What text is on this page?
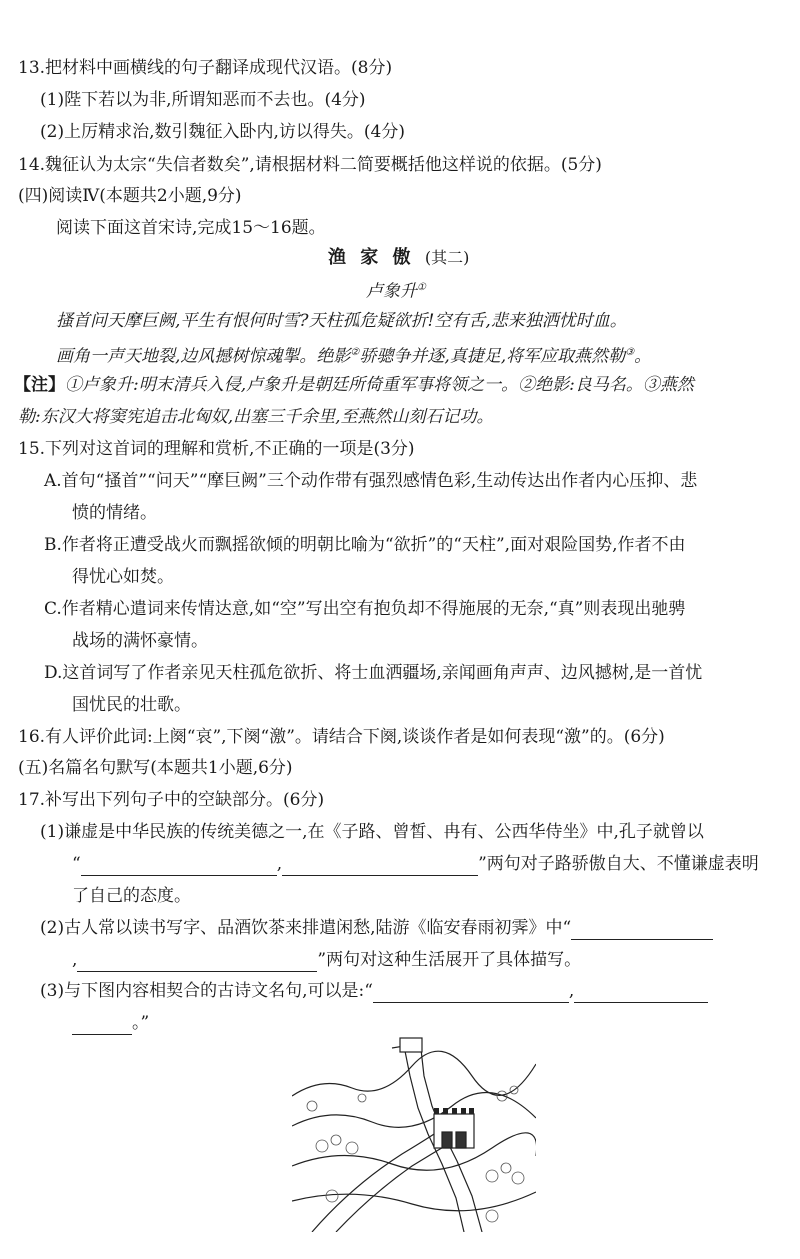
13.把材料中画横线的句子翻译成现代汉语。(8分)
(1)陛下若以为非,所谓知恶而不去也。(4分)
(2)上厉精求治,数引魏征入卧内,访以得失。(4分)
14.魏征认为太宗“失信者数矣”,请根据材料二简要概括他这样说的依据。(5分)
(四)阅读Ⅳ(本题共2小题,9分)
阅读下面这首宋诗,完成15～16题。
渔 家 傲 (其二)
卢象升①
搔首问天摩巨阙,平生有恨何时雪?天柱孤危疑欲折!空有舌,悲来独洒忧时血。
画角一声天地裂,边风撼树惊魂掣。绝影②骄骢争并逐,真捷足,将军应取燕然勒③。
【注】①卢象升:明末清兵入侵,卢象升是朝廷所倚重军事将领之一。②绝影:良马名。③燕然
勒:东汉大将窦宪追击北匈奴,出塞三千余里,至燕然山刻石记功。
15.下列对这首词的理解和赏析,不正确的一项是(3分)
A.首句“搔首”“问天”“摩巨阙”三个动作带有强烈感情色彩,生动传达出作者内心压抑、悲
愤的情绪。
B.作者将正遭受战火而飘摇欲倾的明朝比喻为“欲折”的“天柱”,面对艰险国势,作者不由
得忧心如焚。
C.作者精心遣词来传情达意,如“空”写出空有抱负却不得施展的无奈,“真”则表现出驰骋
战场的满怀豪情。
D.这首词写了作者亲见天柱孤危欲折、将士血洒疆场,亲闻画角声声、边风撼树,是一首忧
国忧民的壮歌。
16.有人评价此词:上阕“哀”,下阕“激”。请结合下阕,谈谈作者是如何表现“激”的。(6分)
(五)名篇名句默写(本题共1小题,6分)
17.补写出下列句子中的空缺部分。(6分)
(1)谦虚是中华民族的传统美德之一,在《子路、曾皙、冉有、公西华侍坐》中,孔子就曾以
“	,	”两句对子路骄傲自大、不懂谦虚表明
了自己的态度。
(2)古人常以读书写字、品酒饮茶来排遣闲愁,陆游《临安春雨初霁》中“
,	”两句对这种生活展开了具体描写。
(3)与下图内容相契合的古诗文名句,可以是:“	,
。”
